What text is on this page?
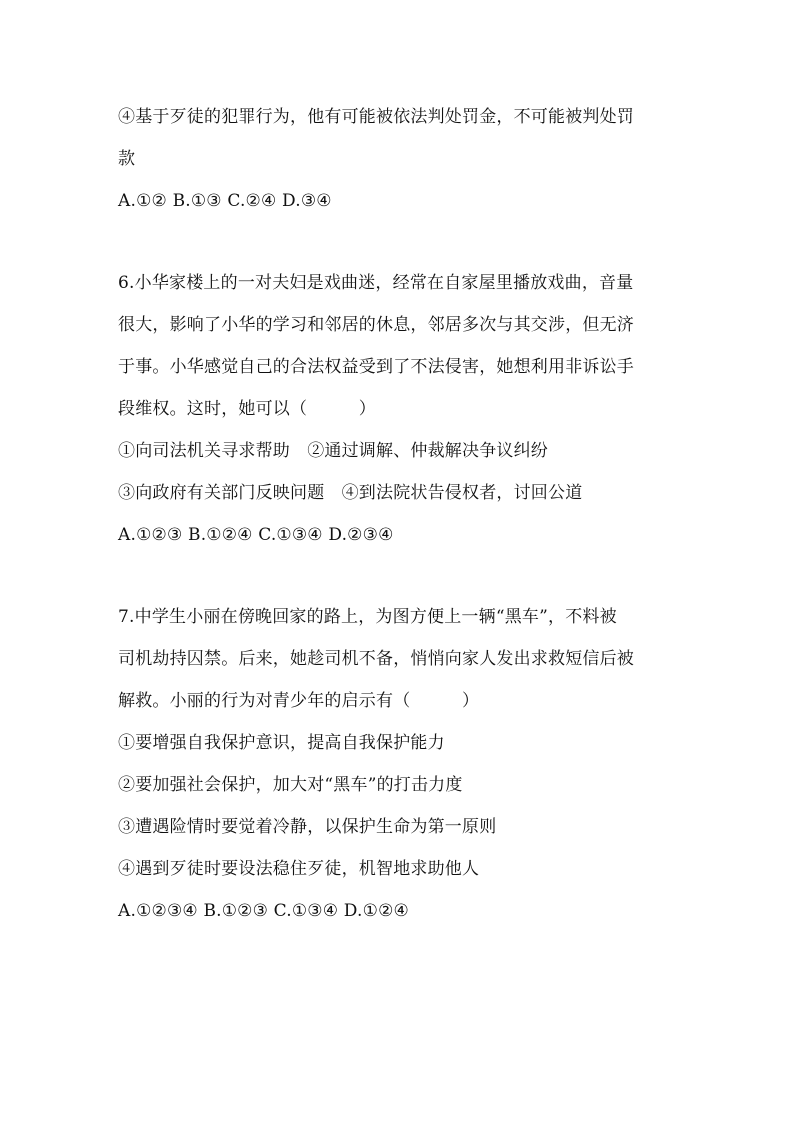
④基于歹徒的犯罪行为，他有可能被依法判处罚金，不可能被判处罚
款
A.①② B.①③ C.②④ D.③④
6.小华家楼上的一对夫妇是戏曲迷，经常在自家屋里播放戏曲，音量
很大，影响了小华的学习和邻居的休息，邻居多次与其交涉，但无济
于事。小华感觉自己的合法权益受到了不法侵害，她想利用非诉讼手
段维权。这时，她可以（　　　）
①向司法机关寻求帮助　②通过调解、仲裁解决争议纠纷
③向政府有关部门反映问题　④到法院状告侵权者，讨回公道
A.①②③ B.①②④ C.①③④ D.②③④
7.中学生小丽在傍晚回家的路上，为图方便上一辆“黑车”，不料被
司机劫持囚禁。后来，她趁司机不备，悄悄向家人发出求救短信后被
解救。小丽的行为对青少年的启示有（　　　）
①要增强自我保护意识，提高自我保护能力
②要加强社会保护，加大对“黑车”的打击力度
③遭遇险情时要觉着冷静，以保护生命为第一原则
④遇到歹徒时要设法稳住歹徒，机智地求助他人
A.①②③④ B.①②③ C.①③④ D.①②④
